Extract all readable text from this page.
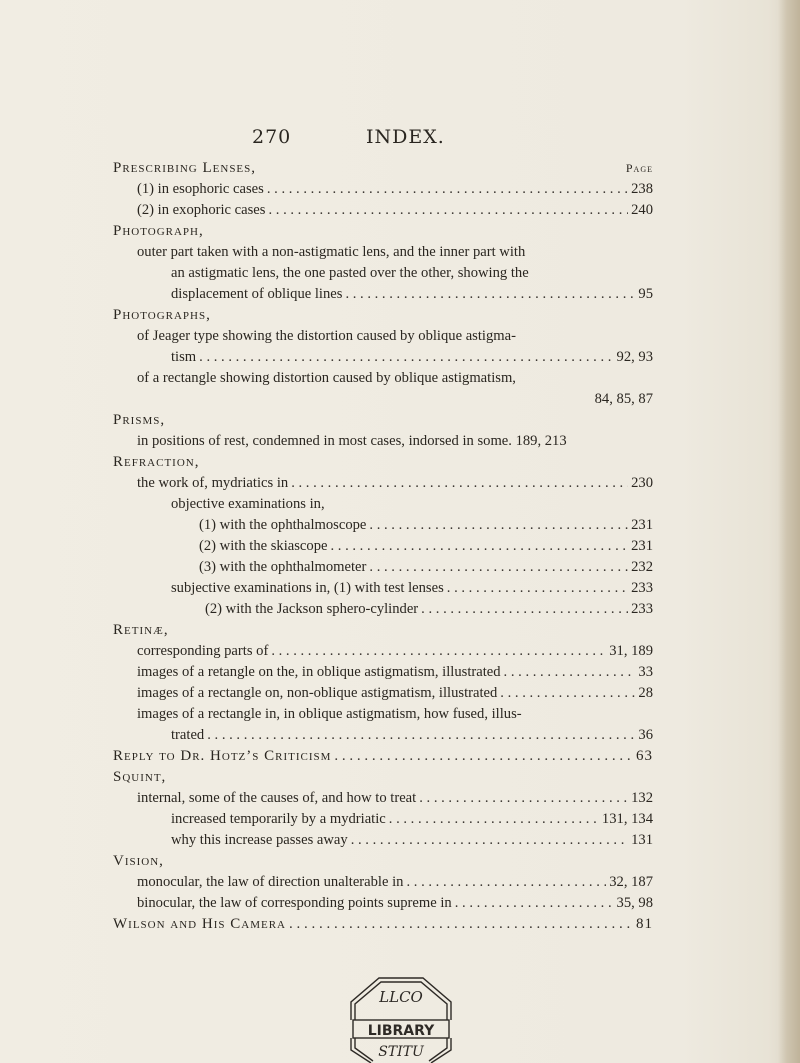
270	INDEX.
Prescribing Lenses,	Page
(1) in esophoric cases . . .	238
(2) in exophoric cases . . .	240
Photograph,
outer part taken with a non-astigmatic lens, and the inner part with
an astigmatic lens, the one pasted over the other, showing the
displacement of oblique lines . . .	95
Photographs,
of Jeager type showing the distortion caused by oblique astigma-
tism . . .	92, 93
of a rectangle showing distortion caused by oblique astigmatism,
84, 85, 87
Prisms,
in positions of rest, condemned in most cases, indorsed in some. 189, 213
Refraction,
the work of, mydriatics in . . .	230
objective examinations in,
(1) with the ophthalmoscope . . .	231
(2) with the skiascope . . .	231
(3) with the ophthalmometer . . .	232
subjective examinations in, (1) with test lenses . . .	233
(2) with the Jackson sphero-cylinder . . .	233
Retinæ,
corresponding parts of . . .	31, 189
images of a retangle on the, in oblique astigmatism, illustrated . . .	33
images of a rectangle on, non-oblique astigmatism, illustrated . . .	28
images of a rectangle in, in oblique astigmatism, how fused, illus-
trated . . .	36
Reply to Dr. Hotz’s Criticism . . .	63
Squint,
internal, some of the causes of, and how to treat . . .	132
increased temporarily by a mydriatic . . .	131, 134
why this increase passes away . . .	131
Vision,
monocular, the law of direction unalterable in . . .	32, 187
binocular, the law of corresponding points supreme in . . .	35, 98
Wilson and His Camera . . .	81
LLCO
LIBRARY
STITU
